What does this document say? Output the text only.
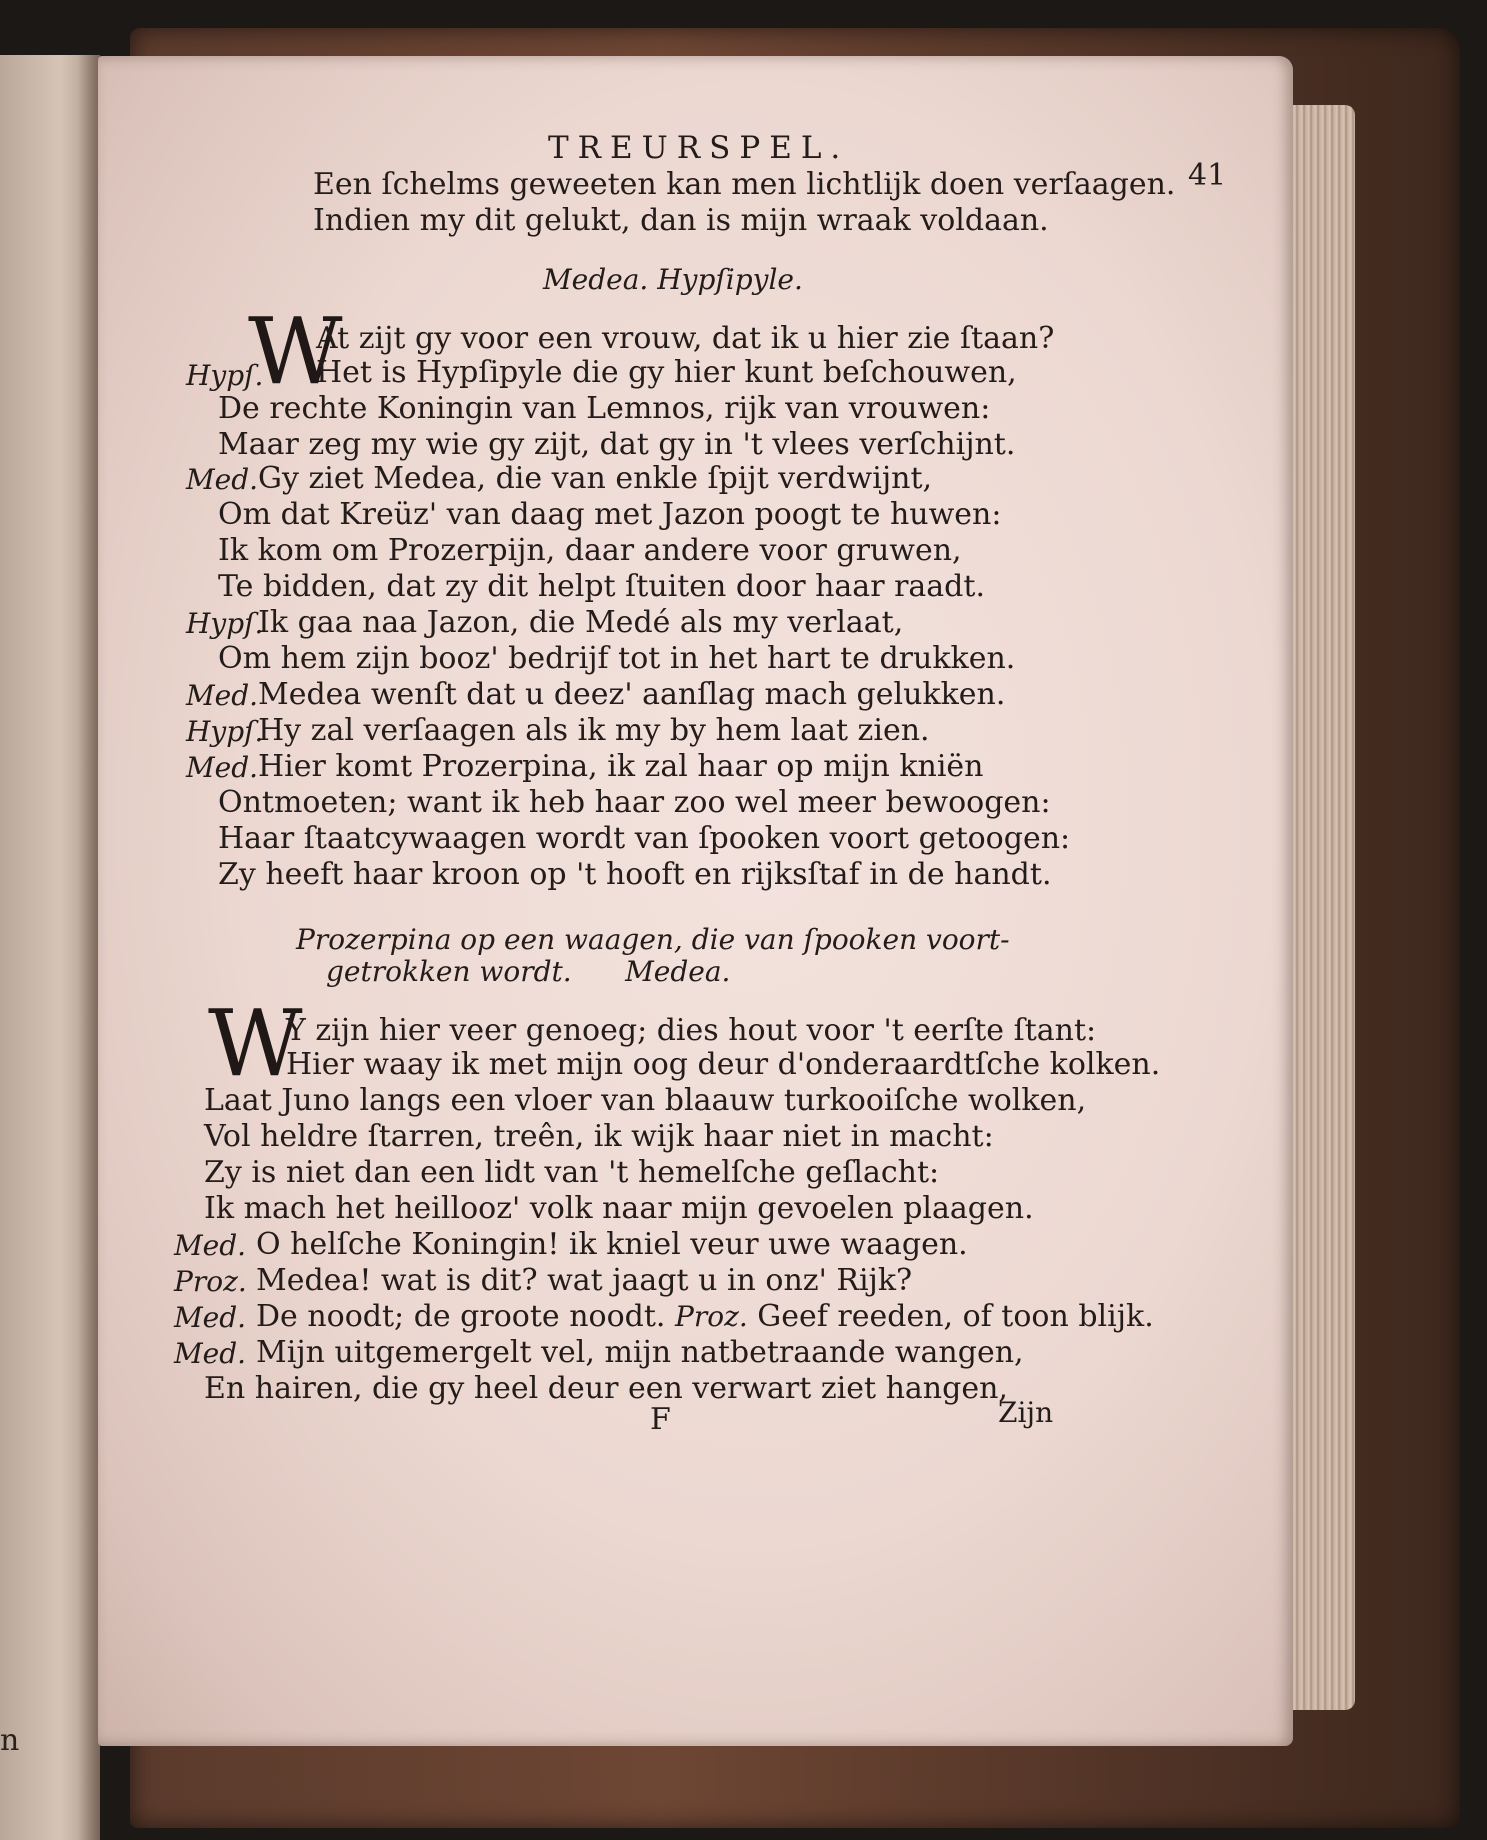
n
TREURSPEL.
41
Een ſchelms geweeten kan men lichtlijk doen verſaagen.
Indien my dit gelukt, dan is mijn wraak voldaan.
Medea. Hypſipyle.
W
At zijt gy voor een vrouw, dat ik u hier zie ſtaan?
Hypſ. Het is Hypſipyle die gy hier kunt beſchouwen,
De rechte Koningin van Lemnos, rijk van vrouwen:
Maar zeg my wie gy zijt, dat gy in 't vlees verſchijnt.
Med. Gy ziet Medea, die van enkle ſpijt verdwijnt,
Om dat Kreüz' van daag met Jazon poogt te huwen:
Ik kom om Prozerpijn, daar andere voor gruwen,
Te bidden, dat zy dit helpt ſtuiten door haar raadt.
Hypſ.
Ik gaa naa Jazon, die Medé als my verlaat,
Om hem zijn booz' bedrijf tot in het hart te drukken.
Med. Medea wenſt dat u deez' aanſlag mach gelukken.
Hypſ.
Hy zal verſaagen als ik my by hem laat zien.
Med. Hier komt Prozerpina, ik zal haar op mijn kniën
Ontmoeten; want ik heb haar zoo wel meer bewoogen:
Haar ſtaatcywaagen wordt van ſpooken voort getoogen:
Zy heeft haar kroon op 't hooft en rijksſtaf in de handt.
Prozerpina op een waagen, die van ſpooken voort-
getrokken wordt.      Medea.
W
Y zijn hier veer genoeg; dies hout voor 't eerſte ſtant:
Hier waay ik met mijn oog deur d'onderaardtſche kolken.
Laat Juno langs een vloer van blaauw turkooiſche wolken,
Vol heldre ſtarren, treên, ik wijk haar niet in macht:
Zy is niet dan een lidt van 't hemelſche geſlacht:
Ik mach het heillooz' volk naar mijn gevoelen plaagen.
Med. O helſche Koningin! ik kniel veur uwe waagen.
Proz. Medea! wat is dit? wat jaagt u in onz' Rijk?
Med. De noodt; de groote noodt. Proz. Geef reeden, of toon blijk.
Med. Mijn uitgemergelt vel, mijn natbetraande wangen,
En hairen, die gy heel deur een verwart ziet hangen,
F	Zijn
